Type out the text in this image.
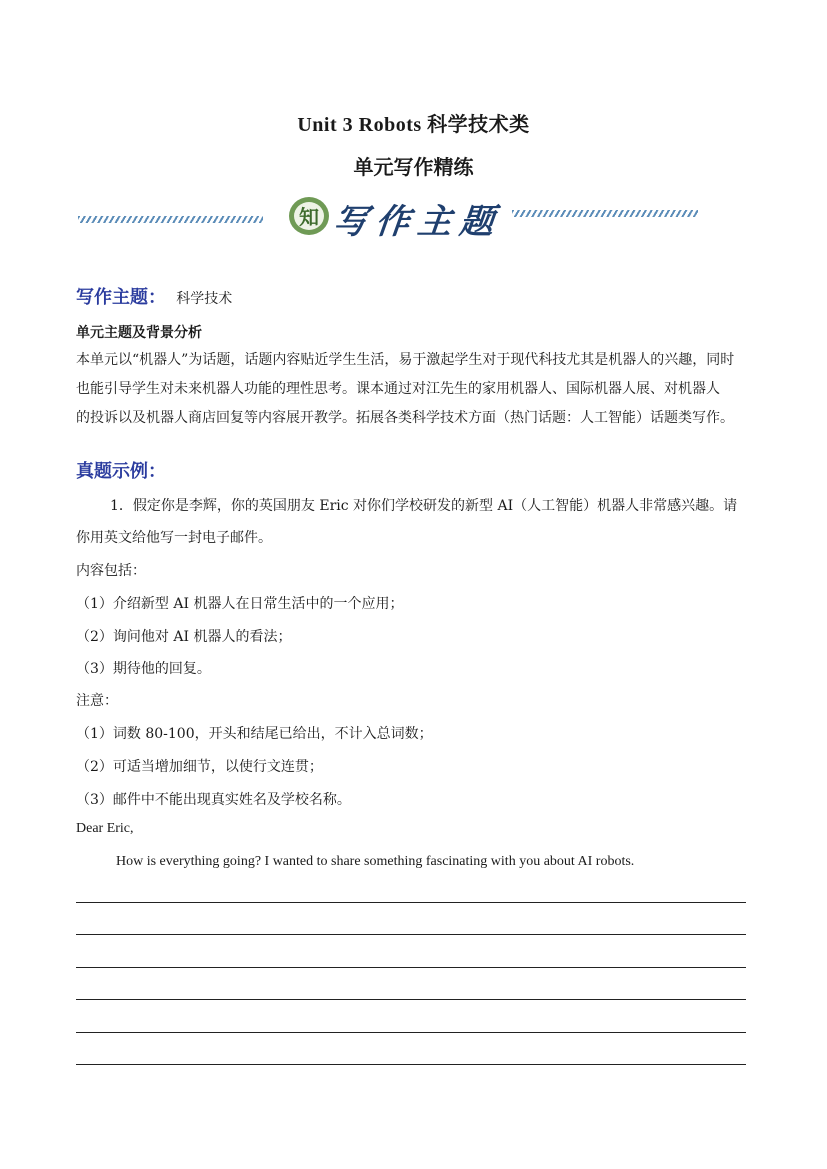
Unit 3 Robots 科学技术类
单元写作精练
知 写作主题
写作主题： 科学技术
单元主题及背景分析
本单元以“机器人”为话题，话题内容贴近学生生活，易于激起学生对于现代科技尤其是机器人的兴趣，同时
也能引导学生对未来机器人功能的理性思考。课本通过对江先生的家用机器人、国际机器人展、对机器人
的投诉以及机器人商店回复等内容展开教学。拓展各类科学技术方面（热门话题：人工智能）话题类写作。
真题示例：
1．假定你是李辉，你的英国朋友 Eric 对你们学校研发的新型 AI（人工智能）机器人非常感兴趣。请
你用英文给他写一封电子邮件。
内容包括：
（1）介绍新型 AI 机器人在日常生活中的一个应用；
（2）询问他对 AI 机器人的看法；
（3）期待他的回复。
注意：
（1）词数 80-100，开头和结尾已给出，不计入总词数；
（2）可适当增加细节，以使行文连贯；
（3）邮件中不能出现真实姓名及学校名称。
Dear Eric,
How is everything going? I wanted to share something fascinating with you about AI robots.
